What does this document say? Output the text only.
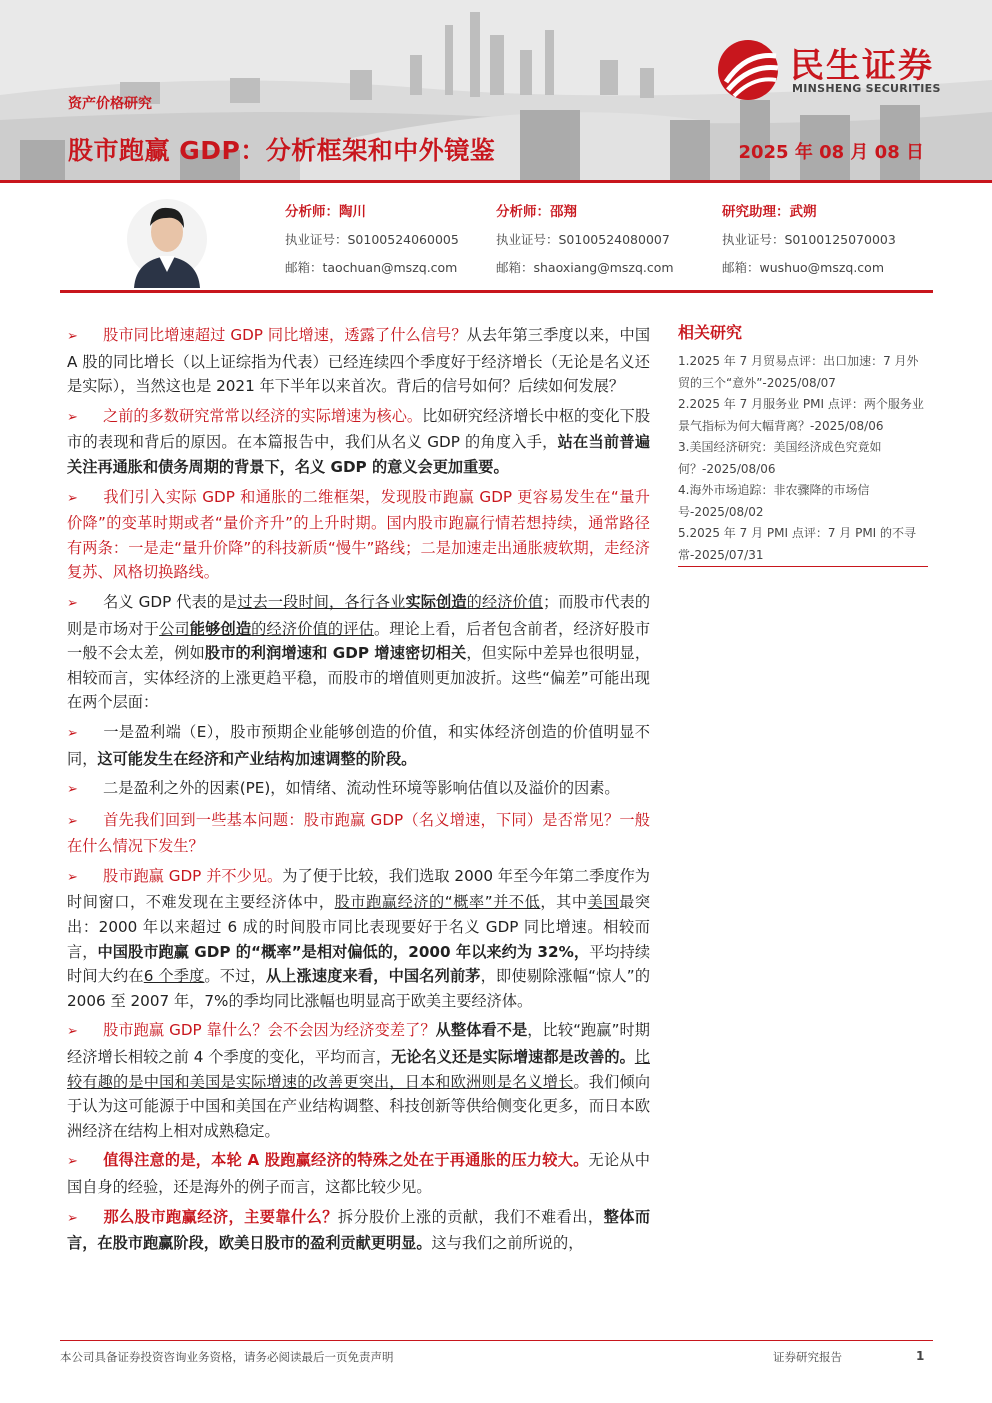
资产价格研究
股市跑赢 GDP：分析框架和中外镜鉴	2025 年 08 月 08 日
民生证券
MINSHENG SECURITIES
分析师：陶川
执业证号：S0100524060005
邮箱：taochuan@mszq.com
分析师：邵翔
执业证号：S0100524080007
邮箱：shaoxiang@mszq.com
研究助理：武朔
执业证号：S0100125070003
邮箱：wushuo@mszq.com

➢ 股市同比增速超过 GDP 同比增速，透露了什么信号？从去年第三季度以来，中国 A 股的同比增长（以上证综指为代表）已经连续四个季度好于经济增长（无论是名义还是实际），当然这也是 2021 年下半年以来首次。背后的信号如何？后续如何发展？

➢ 之前的多数研究常常以经济的实际增速为核心。比如研究经济增长中枢的变化下股市的表现和背后的原因。在本篇报告中，我们从名义 GDP 的角度入手，站在当前普遍关注再通胀和债务周期的背景下，名义 GDP 的意义会更加重要。

➢ 我们引入实际 GDP 和通胀的二维框架，发现股市跑赢 GDP 更容易发生在“量升价降”的变革时期或者“量价齐升”的上升时期。国内股市跑赢行情若想持续，通常路径有两条：一是走“量升价降”的科技新质“慢牛”路线；二是加速走出通胀疲软期，走经济复苏、风格切换路线。

➢ 名义 GDP 代表的是过去一段时间，各行各业实际创造的经济价值；而股市代表的则是市场对于公司能够创造的经济价值的评估。理论上看，后者包含前者，经济好股市一般不会太差，例如股市的利润增速和 GDP 增速密切相关，但实际中差异也很明显，相较而言，实体经济的上涨更趋平稳，而股市的增值则更加波折。这些“偏差”可能出现在两个层面：

➢ 一是盈利端（E），股市预期企业能够创造的价值，和实体经济创造的价值明显不同，这可能发生在经济和产业结构加速调整的阶段。

➢ 二是盈利之外的因素(PE)，如情绪、流动性环境等影响估值以及溢价的因素。

➢ 首先我们回到一些基本问题：股市跑赢 GDP（名义增速，下同）是否常见？一般在什么情况下发生？

➢ 股市跑赢 GDP 并不少见。为了便于比较，我们选取 2000 年至今年第二季度作为时间窗口，不难发现在主要经济体中，股市跑赢经济的“概率”并不低，其中美国最突出：2000 年以来超过 6 成的时间股市同比表现要好于名义 GDP 同比增速。相较而言，中国股市跑赢 GDP 的“概率”是相对偏低的，2000 年以来约为 32%，平均持续时间大约在6 个季度。不过，从上涨速度来看，中国名列前茅，即使剔除涨幅“惊人”的 2006 至 2007 年，7%的季均同比涨幅也明显高于欧美主要经济体。

➢ 股市跑赢 GDP 靠什么？会不会因为经济变差了？从整体看不是，比较“跑赢”时期经济增长相较之前 4 个季度的变化，平均而言，无论名义还是实际增速都是改善的。比较有趣的是中国和美国是实际增速的改善更突出，日本和欧洲则是名义增长。我们倾向于认为这可能源于中国和美国在产业结构调整、科技创新等供给侧变化更多，而日本欧洲经济在结构上相对成熟稳定。

➢ 值得注意的是，本轮 A 股跑赢经济的特殊之处在于再通胀的压力较大。无论从中国自身的经验，还是海外的例子而言，这都比较少见。

➢ 那么股市跑赢经济，主要靠什么？拆分股价上涨的贡献，我们不难看出，整体而言，在股市跑赢阶段，欧美日股市的盈利贡献更明显。这与我们之前所说的，

相关研究
1.2025 年 7 月贸易点评：出口加速：7 月外贸的三个“意外”-2025/08/07
2.2025 年 7 月服务业 PMI 点评：两个服务业景气指标为何大幅背离？-2025/08/06
3.美国经济研究：美国经济成色究竟如何？-2025/08/06
4.海外市场追踪：非农骤降的市场信号-2025/08/02
5.2025 年 7 月 PMI 点评：7 月 PMI 的不寻常-2025/07/31
本公司具备证券投资咨询业务资格，请务必阅读最后一页免责声明	证券研究报告	1
